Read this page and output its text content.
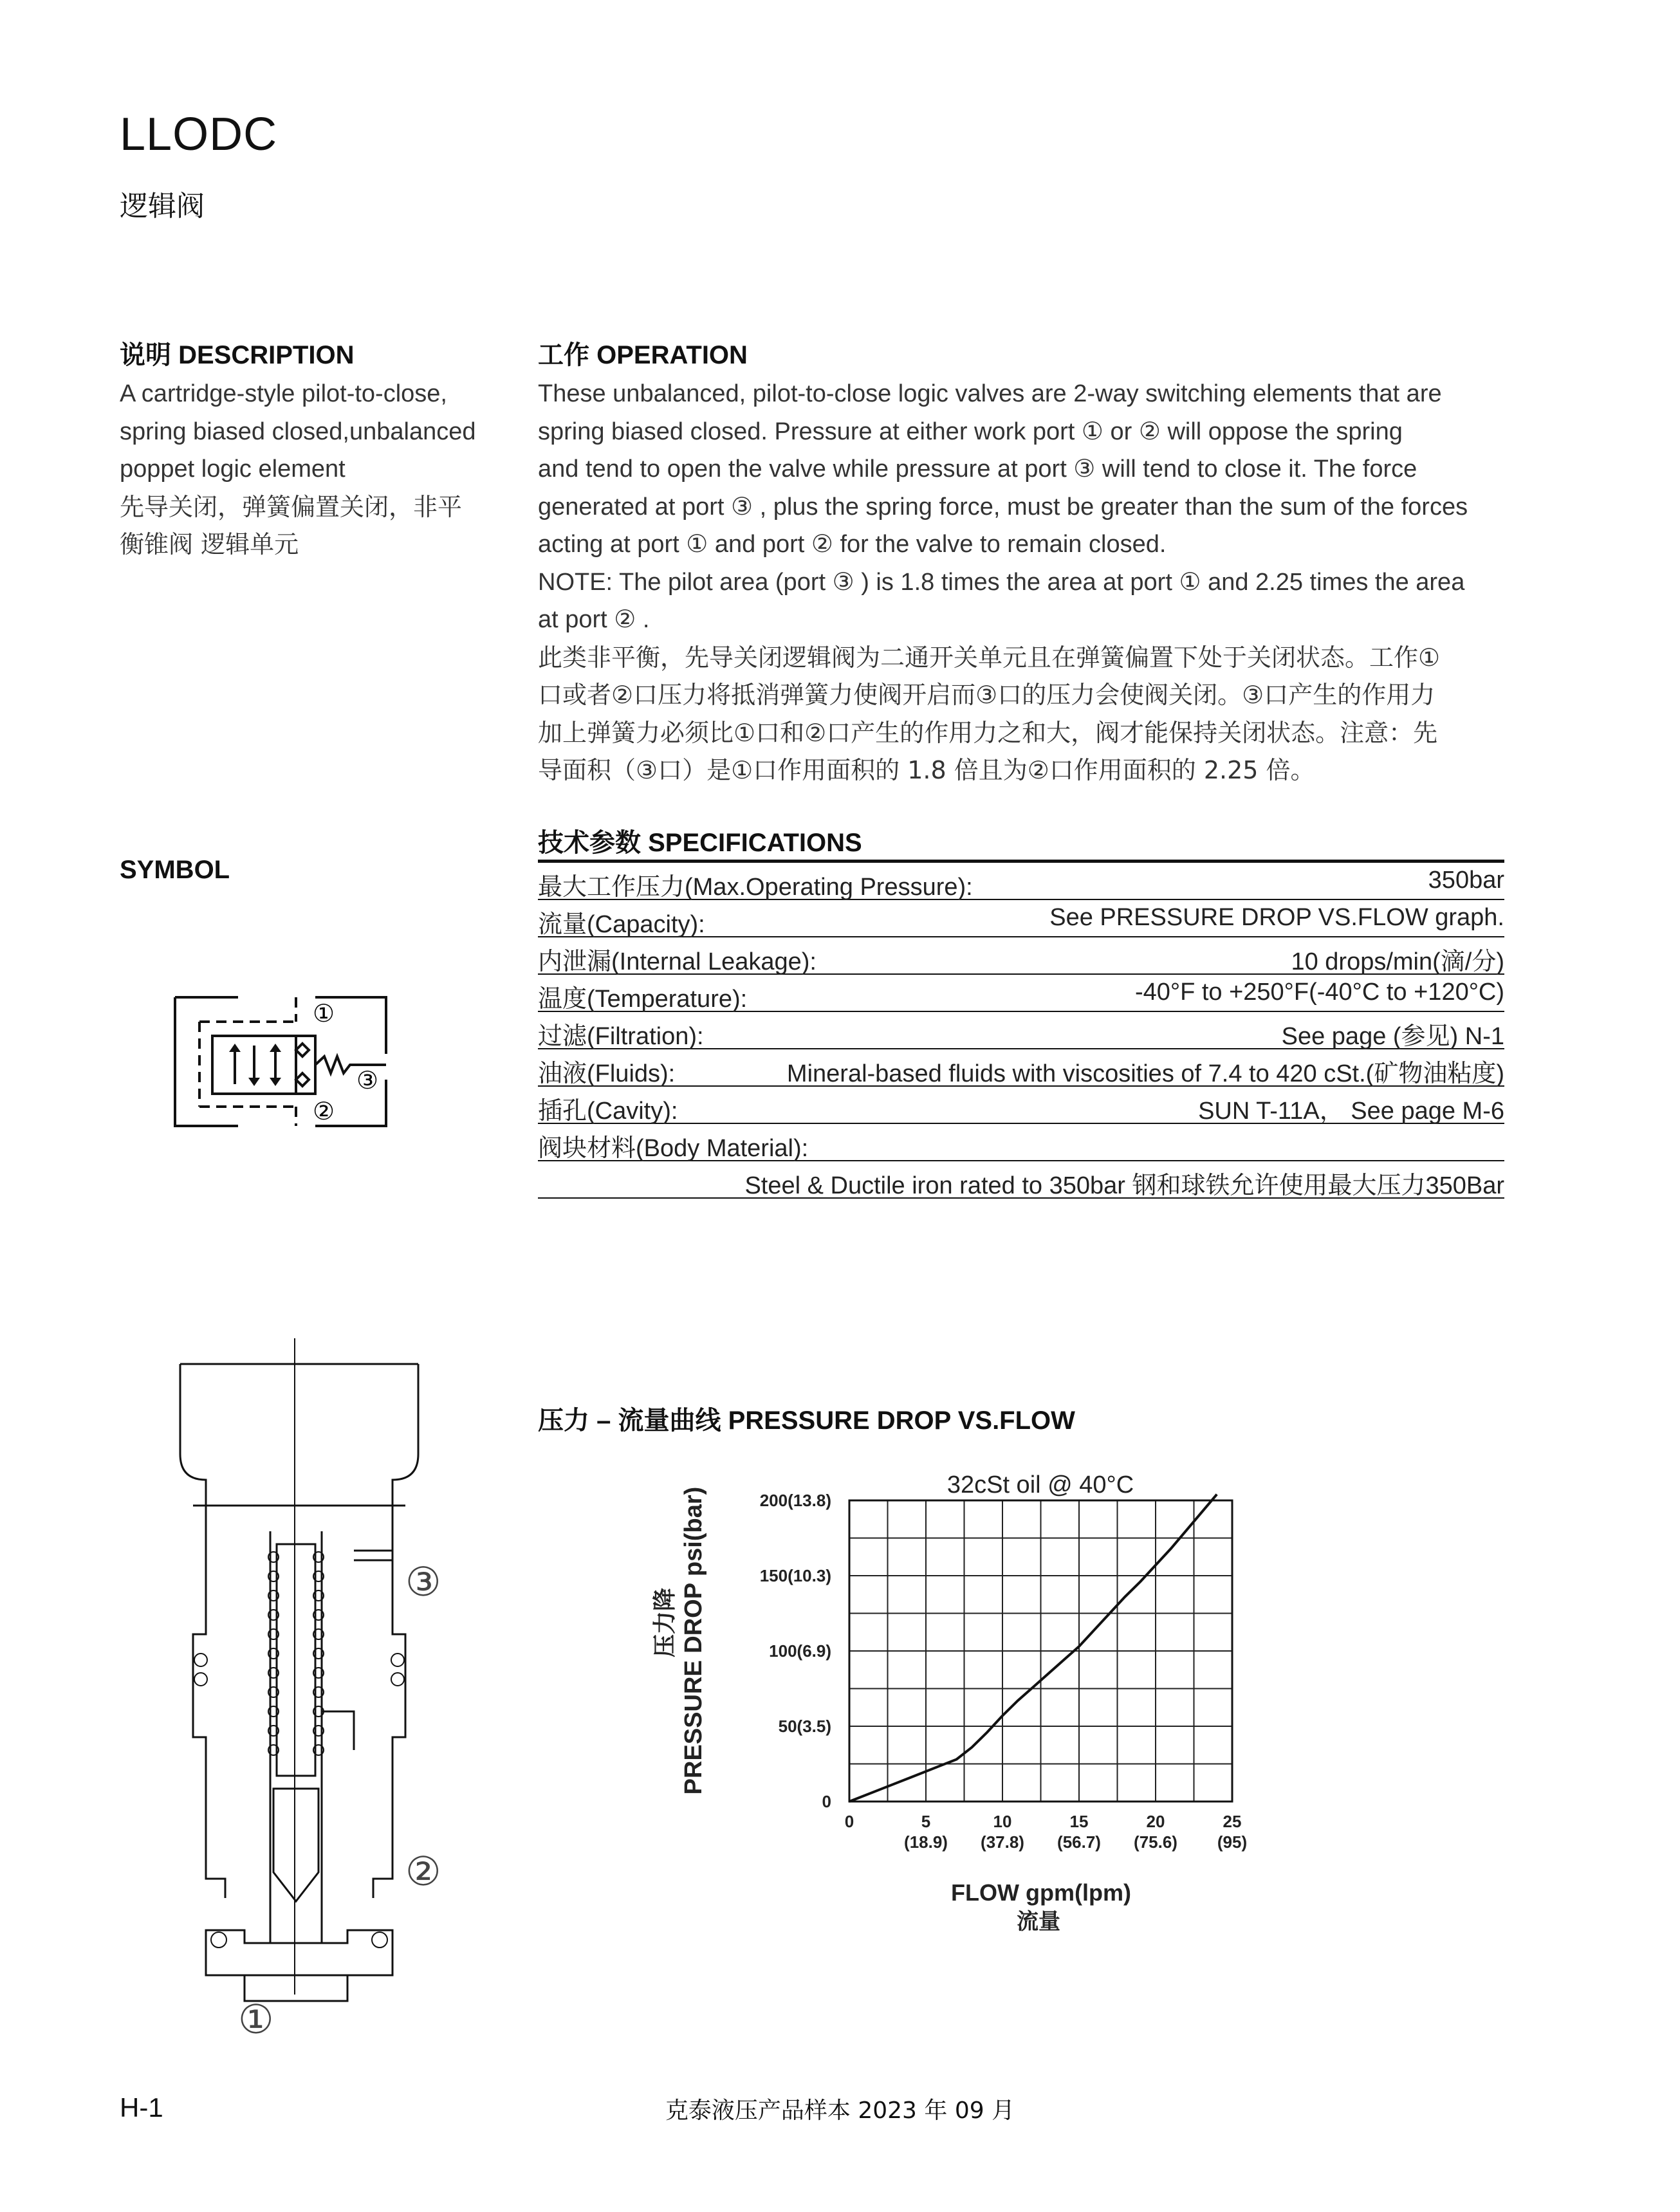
LLODC
逻辑阀
说明 DESCRIPTION
A cartridge-style pilot-to-close,
spring biased closed,unbalanced
poppet logic element
先导关闭，弹簧偏置关闭，非平
衡锥阀 逻辑单元
工作 OPERATION
These unbalanced, pilot-to-close logic valves are 2-way switching elements that are
spring biased closed. Pressure at either work port ① or ② will oppose the spring
and tend to open the valve while pressure at port ③ will tend to close it. The force
generated at port ③ , plus the spring force, must be greater than the sum of the forces
acting at port ① and port ② for the valve to remain closed.
NOTE: The pilot area (port ③ ) is 1.8 times the area at port ① and 2.25 times the area
at port ② .
此类非平衡，先导关闭逻辑阀为二通开关单元且在弹簧偏置下处于关闭状态。工作①
口或者②口压力将抵消弹簧力使阀开启而③口的压力会使阀关闭。③口产生的作用力
加上弹簧力必须比①口和②口产生的作用力之和大，阀才能保持关闭状态。注意：先
导面积（③口）是①口作用面积的 1.8 倍且为②口作用面积的 2.25 倍。
SYMBOL
①
②
③
技术参数 SPECIFICATIONS
最大工作压力(Max.Operating Pressure):	350bar
流量(Capacity):	See PRESSURE DROP VS.FLOW graph.
内泄漏(Internal Leakage):	10 drops/min(滴/分)
温度(Temperature):	-40°F to +250°F(-40°C to +120°C)
过滤(Filtration):	See page (参见) N-1
油液(Fluids):	Mineral-based fluids with viscosities of 7.4 to 420 cSt.(矿物油粘度)
插孔(Cavity):	SUN T-11A， See page M-6
阀块材料(Body Material):
Steel & Ductile iron rated to 350bar 钢和球铁允许使用最大压力350Bar
③
②
①
压力 – 流量曲线 PRESSURE DROP VS.FLOW
32cSt oil @ 40°C
0	5
(18.9)
10
(37.8)
15
(56.7)
20
(75.6)
25
(95)
0
50(3.5)
100(6.9)
150(10.3)
200(13.8)
PRESSURE DROP psi(bar)
压力降
FLOW gpm(lpm)
流量
H-1	克泰液压产品样本 2023 年 09 月
